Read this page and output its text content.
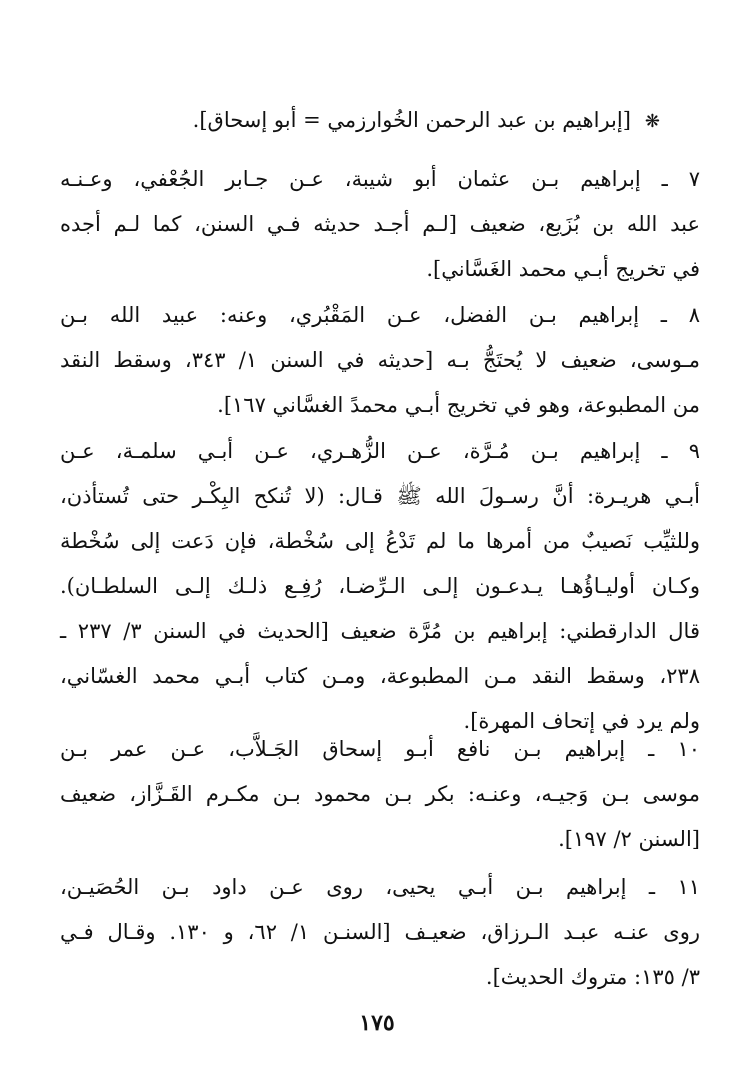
❋[إبراهيم بن عبد الرحمن الخُوارزمي = أبو إسحاق].
٧ ـ إبراهيم بـن عثمان أبو شيبة، عـن جـابر الجُعْفي، وعـنـه
عبد الله بن بُزَيع، ضعيف [لـم أجـد حديثه فـي السنن، كما لـم أجده
في تخريج أبـي محمد الغَسَّاني].
٨ ـ إبراهيم بـن الفضل، عـن المَقْبُري، وعنه: عبيد الله بـن
مـوسى، ضعيف لا يُحتَجُّ بـه [حديثه في السنن ١/ ٣٤٣، وسقط النقد
من المطبوعة، وهو في تخريج أبـي محمدً الغسَّاني ١٦٧].
٩ ـ إبراهيم بـن مُـرَّة، عـن الزُّهـري، عـن أبـي سلمـة، عـن
أبـي هريـرة: أنَّ رسـولَ الله ﷺ قـال: (لا تُنكح البِكْـر حتى تُستأذن،
وللثيِّب نَصيبٌ من أمرها ما لم تَدْعُ إلى سُخْطة، فإن دَعت إلى سُخْطة
وكـان أوليـاؤُهـا يـدعـون إلـى الـرِّضـا، رُفِـع ذلـك إلـى السلطـان).
قال الدارقطني: إبراهيم بن مُرَّة ضعيف [الحديث في السنن ٣/ ٢٣٧ ـ
٢٣٨، وسقط النقد مـن المطبوعة، ومـن كتاب أبـي محمد الغسّاني،
ولم يرد في إتحاف المهرة].
١٠ ـ إبراهيم بـن نافع أبـو إسحاق الجَـلاَّب، عـن عمر بـن
موسى بـن وَجيـه، وعنـه: بكر بـن محمود بـن مكـرم القَـزَّاز، ضعيف
[السنن ٢/ ١٩٧].
١١ ـ إبراهيم بـن أبـي يحيى، روى عـن داود بـن الحُصَيـن،
روى عنـه عبـد الـرزاق، ضعيـف [السنـن ١/ ٦٢، و ١٣٠. وقـال فـي
٣/ ١٣٥: متروك الحديث].
١٧٥
